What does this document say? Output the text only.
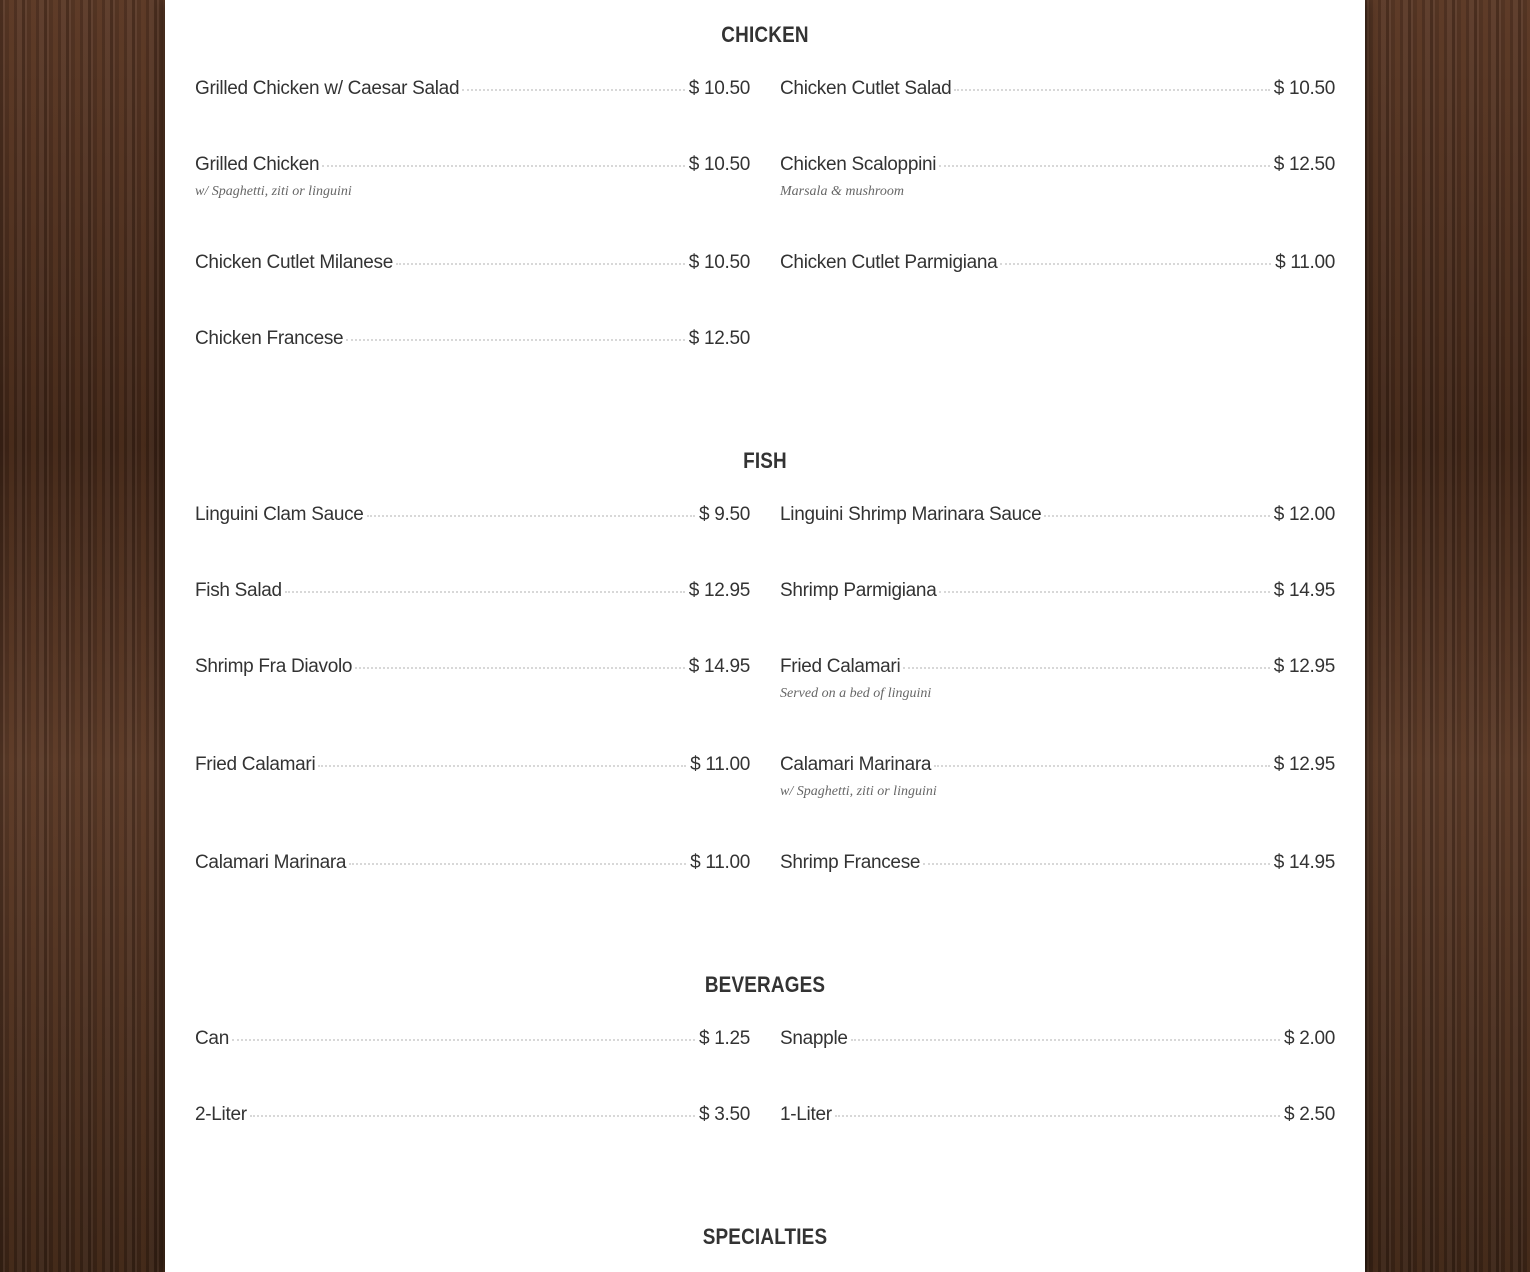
CHICKEN
Grilled Chicken w/ Caesar Salad	$ 10.50 Chicken Cutlet Salad	$ 10.50
Grilled Chicken	$ 10.50
w/ Spaghetti, ziti or linguini
Chicken Scaloppini	$ 12.50
Marsala & mushroom
Chicken Cutlet Milanese	$ 10.50 Chicken Cutlet Parmigiana	$ 11.00
Chicken Francese	$ 12.50
FISH
Linguini Clam Sauce	$ 9.50 Linguini Shrimp Marinara Sauce	$ 12.00
Fish Salad	$ 12.95 Shrimp Parmigiana	$ 14.95
Shrimp Fra Diavolo	$ 14.95 Fried Calamari	$ 12.95
Served on a bed of linguini
Fried Calamari	$ 11.00 Calamari Marinara	$ 12.95
w/ Spaghetti, ziti or linguini
Calamari Marinara	$ 11.00 Shrimp Francese	$ 14.95
BEVERAGES
Can	$ 1.25 Snapple	$ 2.00
2-Liter	$ 3.50 1-Liter	$ 2.50
SPECIALTIES
